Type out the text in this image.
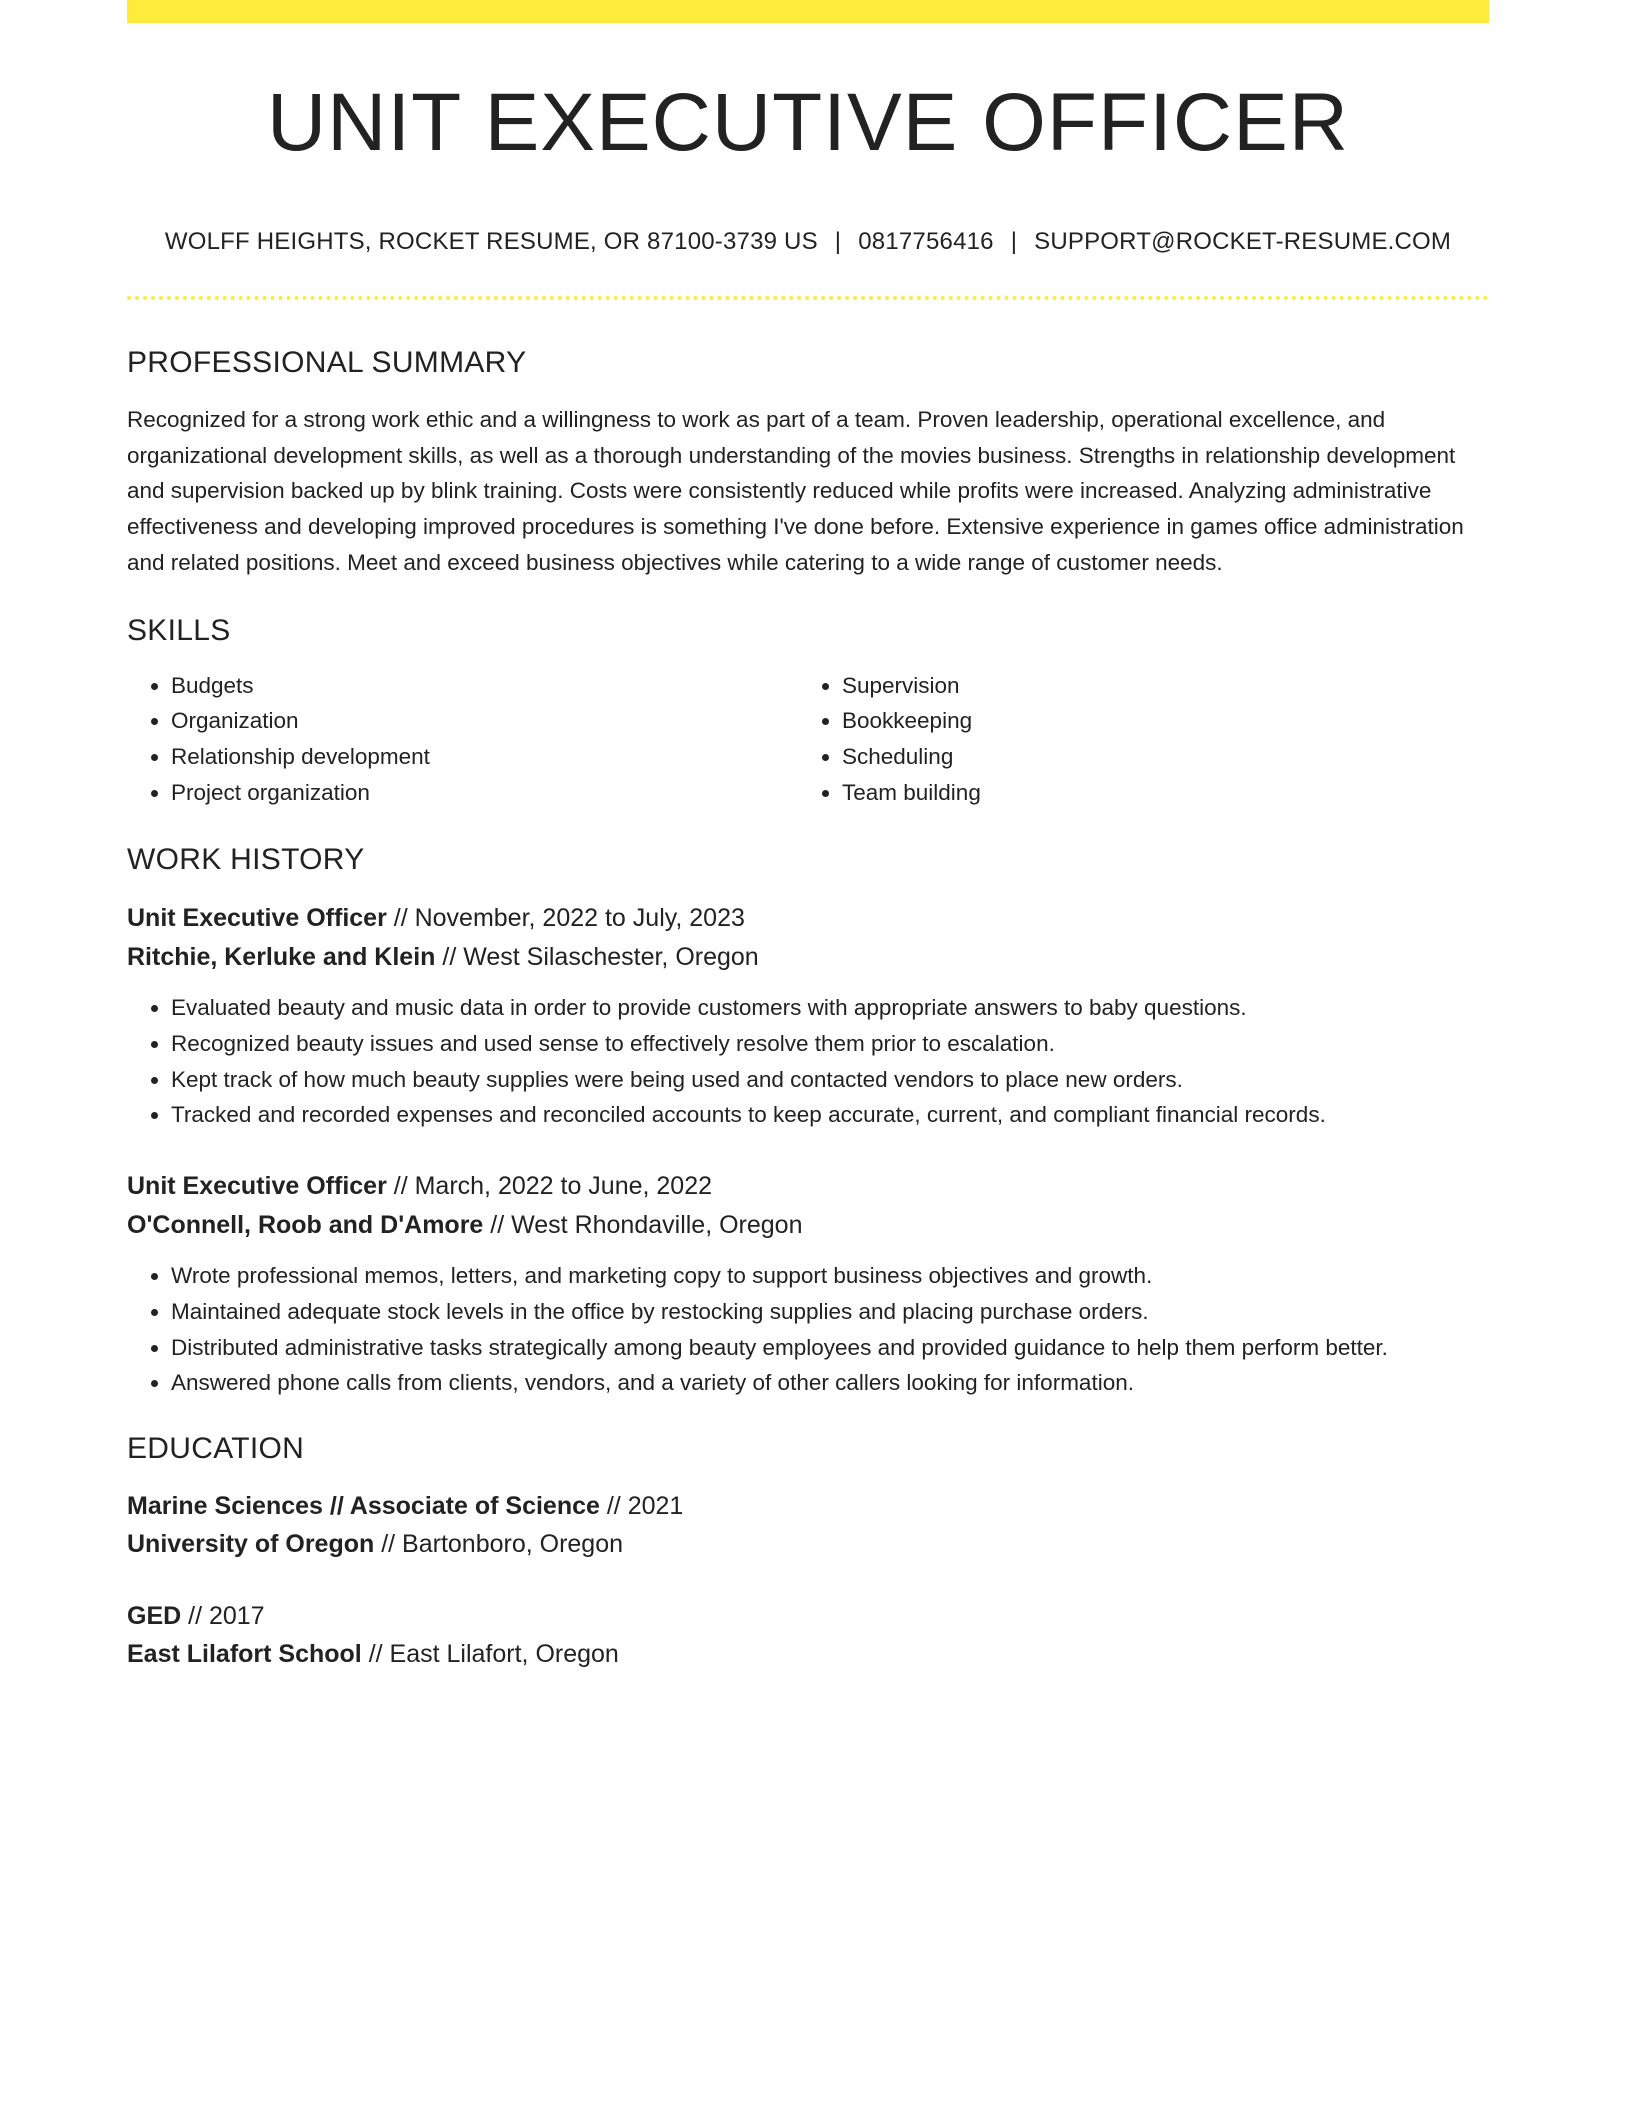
UNIT EXECUTIVE OFFICER
WOLFF HEIGHTS, ROCKET RESUME, OR 87100-3739 US | 0817756416 | SUPPORT@ROCKET-RESUME.COM
PROFESSIONAL SUMMARY

Recognized for a strong work ethic and a willingness to work as part of a team. Proven leadership, operational excellence, and organizational development skills, as well as a thorough understanding of the movies business. Strengths in relationship development and supervision backed up by blink training. Costs were consistently reduced while profits were increased. Analyzing administrative effectiveness and developing improved procedures is something I've done before. Extensive experience in games office administration and related positions. Meet and exceed business objectives while catering to a wide range of customer needs.

SKILLS
• Budgets
• Organization
• Relationship development
• Project organization
• Supervision
• Bookkeeping
• Scheduling
• Team building
WORK HISTORY
Unit Executive Officer // November, 2022 to July, 2023
Ritchie, Kerluke and Klein // West Silaschester, Oregon
• Evaluated beauty and music data in order to provide customers with appropriate answers to baby questions.
• Recognized beauty issues and used sense to effectively resolve them prior to escalation.
• Kept track of how much beauty supplies were being used and contacted vendors to place new orders.
• Tracked and recorded expenses and reconciled accounts to keep accurate, current, and compliant financial records.
Unit Executive Officer // March, 2022 to June, 2022
O'Connell, Roob and D'Amore // West Rhondaville, Oregon
• Wrote professional memos, letters, and marketing copy to support business objectives and growth.
• Maintained adequate stock levels in the office by restocking supplies and placing purchase orders.
• Distributed administrative tasks strategically among beauty employees and provided guidance to help them perform better.
• Answered phone calls from clients, vendors, and a variety of other callers looking for information.
EDUCATION
Marine Sciences // Associate of Science // 2021
University of Oregon // Bartonboro, Oregon
GED // 2017
East Lilafort School // East Lilafort, Oregon
